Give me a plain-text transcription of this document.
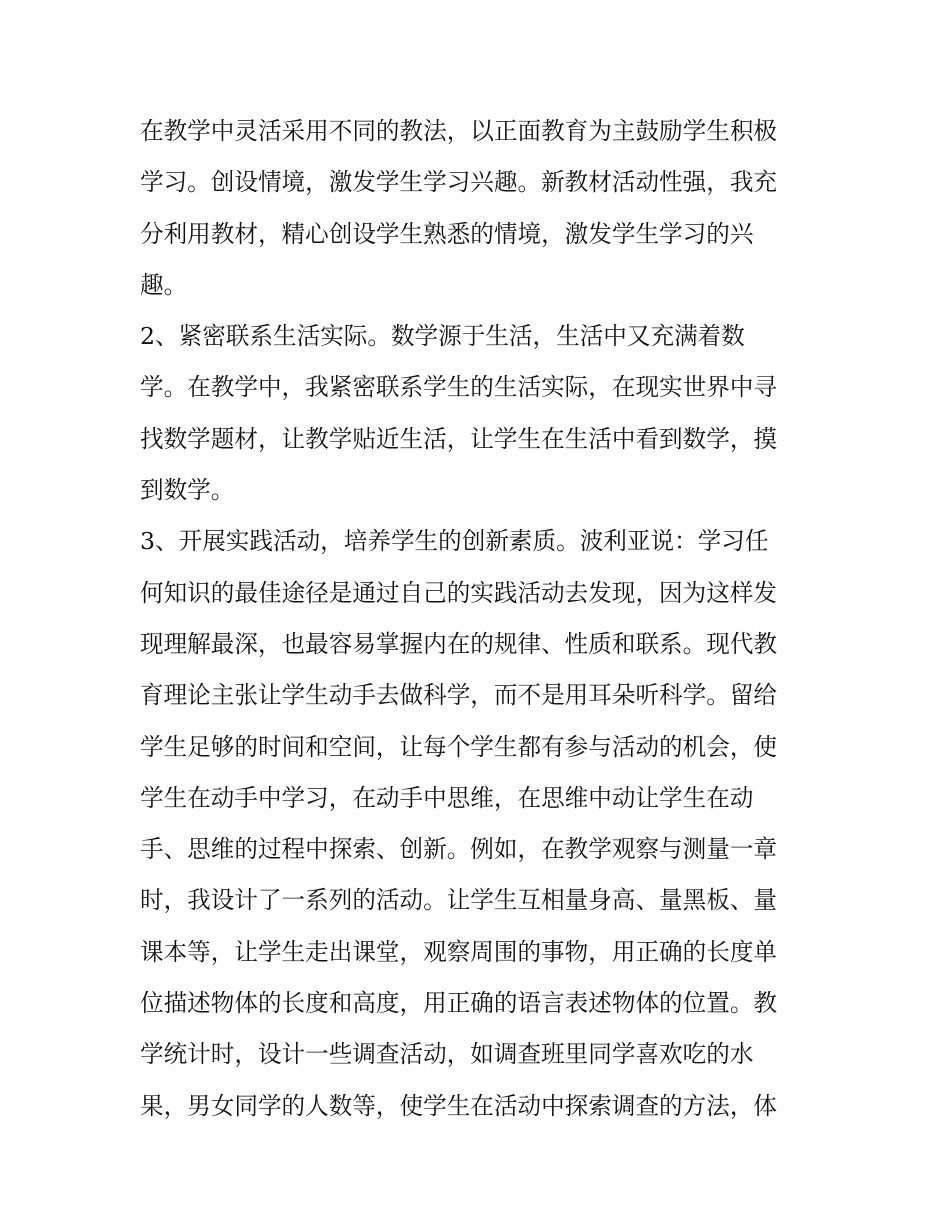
在教学中灵活采用不同的教法，以正面教育为主鼓励学生积极
学习。创设情境，激发学生学习兴趣。新教材活动性强，我充
分利用教材，精心创设学生熟悉的情境，激发学生学习的兴
趣。
2、紧密联系生活实际。数学源于生活，生活中又充满着数
学。在教学中，我紧密联系学生的生活实际，在现实世界中寻
找数学题材，让教学贴近生活，让学生在生活中看到数学，摸
到数学。
3、开展实践活动，培养学生的创新素质。波利亚说：学习任
何知识的最佳途径是通过自己的实践活动去发现，因为这样发
现理解最深，也最容易掌握内在的规律、性质和联系。现代教
育理论主张让学生动手去做科学，而不是用耳朵听科学。留给
学生足够的时间和空间，让每个学生都有参与活动的机会，使
学生在动手中学习，在动手中思维，在思维中动让学生在动
手、思维的过程中探索、创新。例如，在教学观察与测量一章
时，我设计了一系列的活动。让学生互相量身高、量黑板、量
课本等，让学生走出课堂，观察周围的事物，用正确的长度单
位描述物体的长度和高度，用正确的语言表述物体的位置。教
学统计时，设计一些调查活动，如调查班里同学喜欢吃的水
果，男女同学的人数等，使学生在活动中探索调查的方法，体
